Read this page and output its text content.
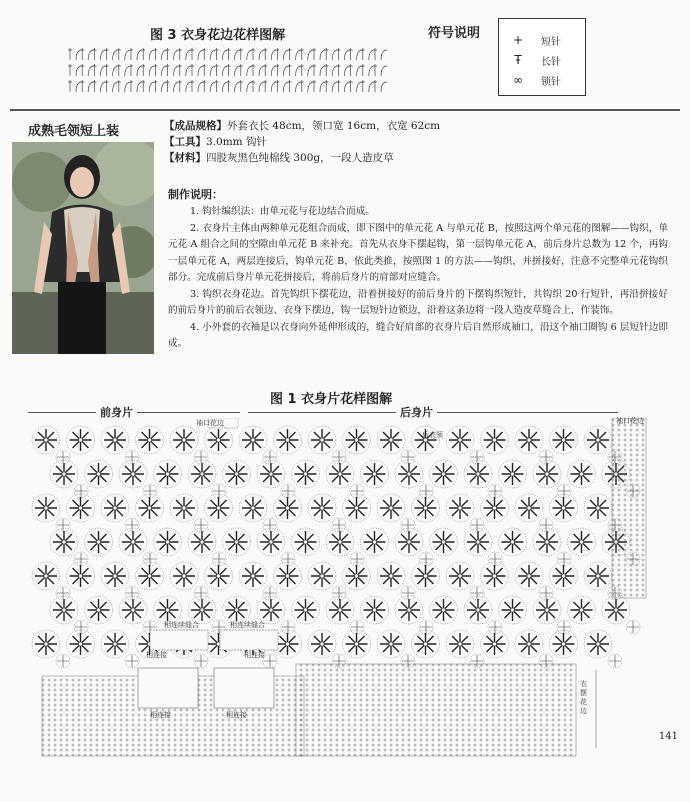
图 3 衣身花边花样图解	符号说明	+ 短针
Ŧ	长针
∞ 锁针
成熟毛领短上装	【成品规格】外套衣长 48cm，领口宽 16cm，衣宽 62cm
【工具】3.0mm 钩针
【材料】四股灰黑色纯棉线 300g，一段人造皮草
制作说明：
1. 钩针编织法：由单元花与花边结合而成。
2. 衣身片主体由两种单元花组合而成，即下图中的单元花 A 与单元花 B，按照这两个单元花的图解——钩织，单元花 A 组合之间的空隙由单元花 B 来补充。首先从衣身下摆起钩，第一层钩单元花 A，前后身片总数为 12 个，再钩一层单元花 A，两层连接后，钩单元花 B，依此类推，按照图 1 的方法——钩织，并拼接好，注意不完整单元花钩织部分。完成前后身片单元花拼接后，将前后身片的肩部对应缝合。
3. 钩织衣身花边。首先钩织下摆花边，沿着拼接好的前后身片的下摆钩织短针，共钩织 20 行短针，再沿拼接好的前后身片的前后衣领边、衣身下摆边，钩一层短针边锁边，沿着这条边将一段人造皮草缝合上，作装饰。
4. 小外套的衣袖是以衣身向外延伸形成的，缝合好肩部的衣身片后自然形成袖口，沿这个袖口圈钩 6 层短针边即成。
图 1 衣身片花样图解
前身片	后身片
袖口花边	袖口花边
后衣领
相连续缝合	相连续缝合
相连接	相连接
相连接	相连接
衣摆花边
141
